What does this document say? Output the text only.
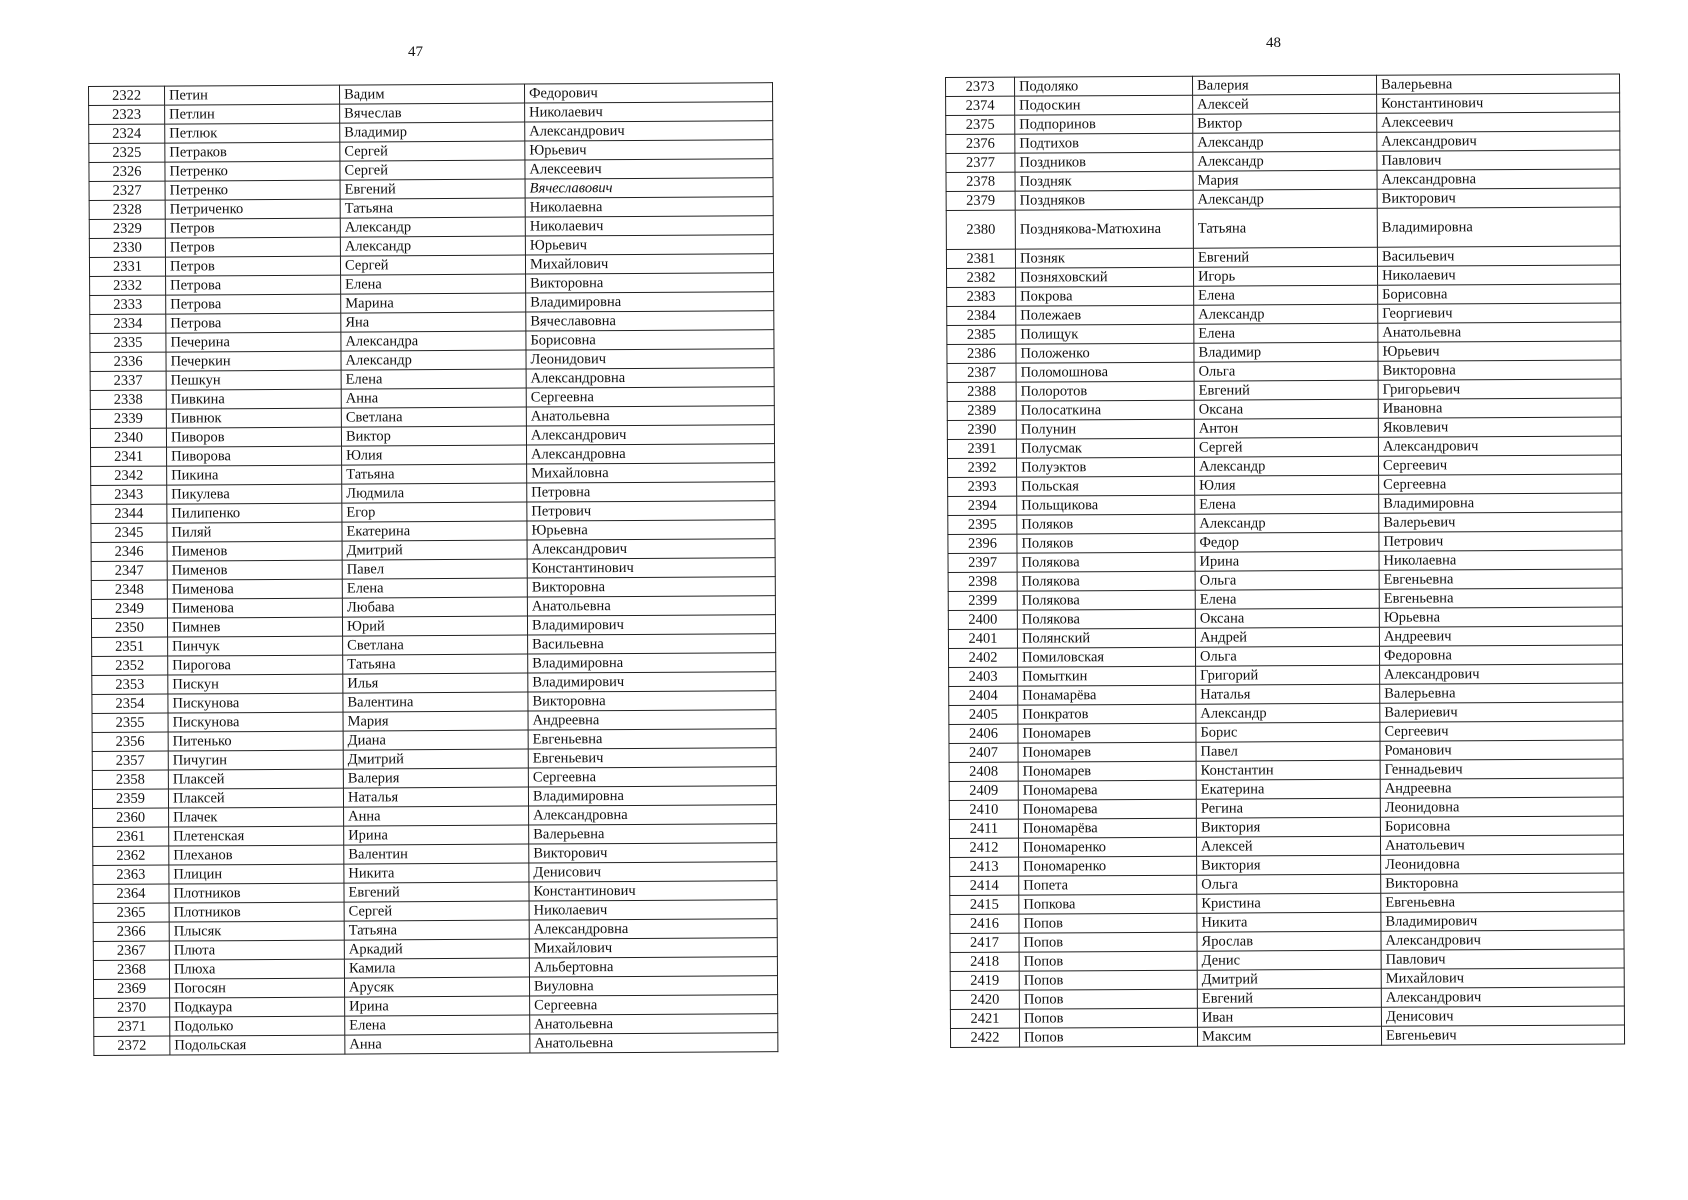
47
48
2322	Петин	Вадим	Федорович
2323	Петлин	Вячеслав	Николаевич
2324	Петлюк	Владимир	Александрович
2325	Петраков	Сергей	Юрьевич
2326	Петренко	Сергей	Алексеевич
2327	Петренко	Евгений	Вячеславович
2328	Петриченко	Татьяна	Николаевна
2329	Петров	Александр	Николаевич
2330	Петров	Александр	Юрьевич
2331	Петров	Сергей	Михайлович
2332	Петрова	Елена	Викторовна
2333	Петрова	Марина	Владимировна
2334	Петрова	Яна	Вячеславовна
2335	Печерина	Александра	Борисовна
2336	Печеркин	Александр	Леонидович
2337	Пешкун	Елена	Александровна
2338	Пивкина	Анна	Сергеевна
2339	Пивнюк	Светлана	Анатольевна
2340	Пиворов	Виктор	Александрович
2341	Пиворова	Юлия	Александровна
2342	Пикина	Татьяна	Михайловна
2343	Пикулева	Людмила	Петровна
2344	Пилипенко	Егор	Петрович
2345	Пиляй	Екатерина	Юрьевна
2346	Пименов	Дмитрий	Александрович
2347	Пименов	Павел	Константинович
2348	Пименова	Елена	Викторовна
2349	Пименова	Любава	Анатольевна
2350	Пимнев	Юрий	Владимирович
2351	Пинчук	Светлана	Васильевна
2352	Пирогова	Татьяна	Владимировна
2353	Пискун	Илья	Владимирович
2354	Пискунова	Валентина	Викторовна
2355	Пискунова	Мария	Андреевна
2356	Питенько	Диана	Евгеньевна
2357	Пичугин	Дмитрий	Евгеньевич
2358	Плаксей	Валерия	Сергеевна
2359	Плаксей	Наталья	Владимировна
2360	Плачек	Анна	Александровна
2361	Плетенская	Ирина	Валерьевна
2362	Плеханов	Валентин	Викторович
2363	Плицин	Никита	Денисович
2364	Плотников	Евгений	Константинович
2365	Плотников	Сергей	Николаевич
2366	Плысяк	Татьяна	Александровна
2367	Плюта	Аркадий	Михайлович
2368	Плюха	Камила	Альбертовна
2369	Погосян	Арусяк	Виуловна
2370	Подкаура	Ирина	Сергеевна
2371	Подолько	Елена	Анатольевна
2372	Подольская	Анна	Анатольевна
2373	Подоляко	Валерия	Валерьевна
2374	Подоскин	Алексей	Константинович
2375	Подпоринов	Виктор	Алексеевич
2376	Подтихов	Александр	Александрович
2377	Поздников	Александр	Павлович
2378	Поздняк	Мария	Александровна
2379	Поздняков	Александр	Викторович
2380	Позднякова-Матюхина	Татьяна	Владимировна
2381	Позняк	Евгений	Васильевич
2382	Позняховский	Игорь	Николаевич
2383	Покрова	Елена	Борисовна
2384	Полежаев	Александр	Георгиевич
2385	Полищук	Елена	Анатольевна
2386	Положенко	Владимир	Юрьевич
2387	Поломошнова	Ольга	Викторовна
2388	Полоротов	Евгений	Григорьевич
2389	Полосаткина	Оксана	Ивановна
2390	Полунин	Антон	Яковлевич
2391	Полусмак	Сергей	Александрович
2392	Полуэктов	Александр	Сергеевич
2393	Польская	Юлия	Сергеевна
2394	Польщикова	Елена	Владимировна
2395	Поляков	Александр	Валерьевич
2396	Поляков	Федор	Петрович
2397	Полякова	Ирина	Николаевна
2398	Полякова	Ольга	Евгеньевна
2399	Полякова	Елена	Евгеньевна
2400	Полякова	Оксана	Юрьевна
2401	Полянский	Андрей	Андреевич
2402	Помиловская	Ольга	Федоровна
2403	Помыткин	Григорий	Александрович
2404	Понамарёва	Наталья	Валерьевна
2405	Понкратов	Александр	Валериевич
2406	Пономарев	Борис	Сергеевич
2407	Пономарев	Павел	Романович
2408	Пономарев	Константин	Геннадьевич
2409	Пономарева	Екатерина	Андреевна
2410	Пономарева	Регина	Леонидовна
2411	Пономарёва	Виктория	Борисовна
2412	Пономаренко	Алексей	Анатольевич
2413	Пономаренко	Виктория	Леонидовна
2414	Попета	Ольга	Викторовна
2415	Попкова	Кристина	Евгеньевна
2416	Попов	Никита	Владимирович
2417	Попов	Ярослав	Александрович
2418	Попов	Денис	Павлович
2419	Попов	Дмитрий	Михайлович
2420	Попов	Евгений	Александрович
2421	Попов	Иван	Денисович
2422	Попов	Максим	Евгеньевич
